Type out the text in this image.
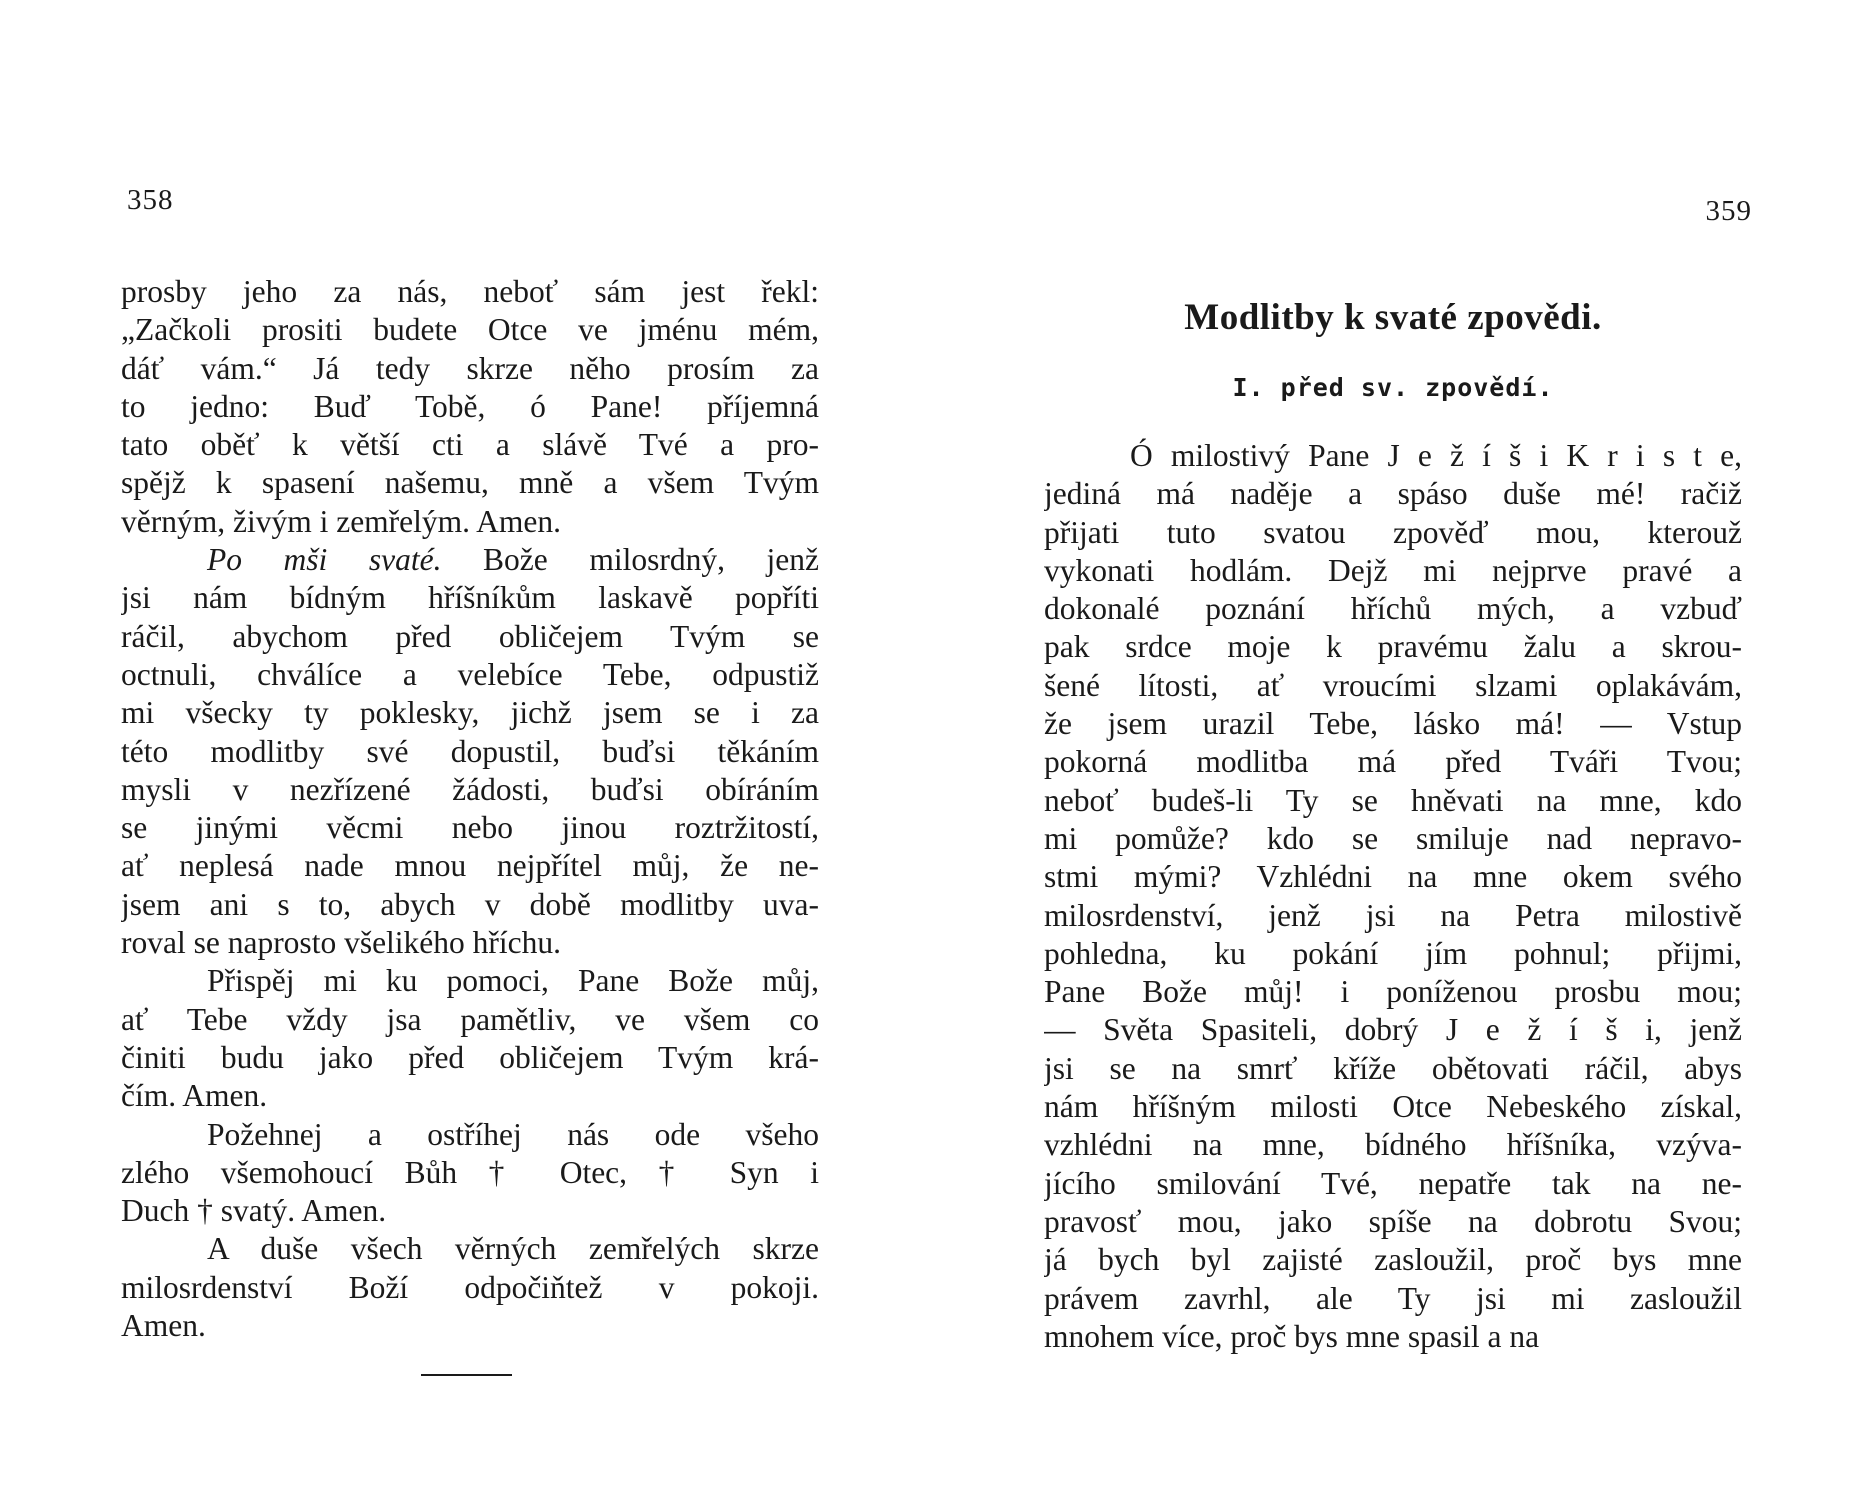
358
prosby jeho za nás, neboť sám jest řekl:
„Začkoli prositi budete Otce ve jménu mém,
dáť vám.“ Já tedy skrze něho prosím za
to jedno: Buď Tobě, ó Pane! příjemná
tato oběť k větší cti a slávě Tvé a pro-
spějž k spasení našemu, mně a všem Tvým
věrným, živým i zemřelým. Amen.
Po mši svaté. Bože milosrdný, jenž
jsi nám bídným hříšníkům laskavě popříti
ráčil, abychom před obličejem Tvým se
octnuli, chválíce a velebíce Tebe, odpustiž
mi všecky ty poklesky, jichž jsem se i za
této modlitby své dopustil, buďsi těkáním
mysli v nezřízené žádosti, buďsi obíráním
se jinými věcmi nebo jinou roztržitostí,
ať neplesá nade mnou nejpřítel můj, že ne-
jsem ani s to, abych v době modlitby uva-
roval se naprosto všelikého hříchu.
Přispěj mi ku pomoci, Pane Bože můj,
ať Tebe vždy jsa pamětliv, ve všem co
činiti budu jako před obličejem Tvým krá-
čím. Amen.
Požehnej a ostříhej nás ode všeho
zlého všemohoucí Bůh † Otec, † Syn i
Duch † svatý. Amen.
A duše všech věrných zemřelých skrze
milosrdenství Boží odpočiňtež v pokoji.
Amen.
359
Modlitby k svaté zpovědi.
I. před sv. zpovědí.
Ó milostivý Pane J e ž í š i K r i s t e,
jediná má naděje a spáso duše mé! račiž
přijati tuto svatou zpověď mou, kterouž
vykonati hodlám. Dejž mi nejprve pravé a
dokonalé poznání hříchů mých, a vzbuď
pak srdce moje k pravému žalu a skrou-
šené lítosti, ať vroucími slzami oplakávám,
že jsem urazil Tebe, lásko má! — Vstup
pokorná modlitba má před Tváři Tvou;
neboť budeš-li Ty se hněvati na mne, kdo
mi pomůže? kdo se smiluje nad nepravo-
stmi mými? Vzhlédni na mne okem svého
milosrdenství, jenž jsi na Petra milostivě
pohledna, ku pokání jím pohnul; přijmi,
Pane Bože můj! i poníženou prosbu mou;
— Světa Spasiteli, dobrý J e ž í š i, jenž
jsi se na smrť kříže obětovati ráčil, abys
nám hříšným milosti Otce Nebeského získal,
vzhlédni na mne, bídného hříšníka, vzýva-
jícího smilování Tvé, nepatře tak na ne-
pravosť mou, jako spíše na dobrotu Svou;
já bych byl zajisté zasloužil, proč bys mne
právem zavrhl, ale Ty jsi mi zasloužil
mnohem více, proč bys mne spasil a na
